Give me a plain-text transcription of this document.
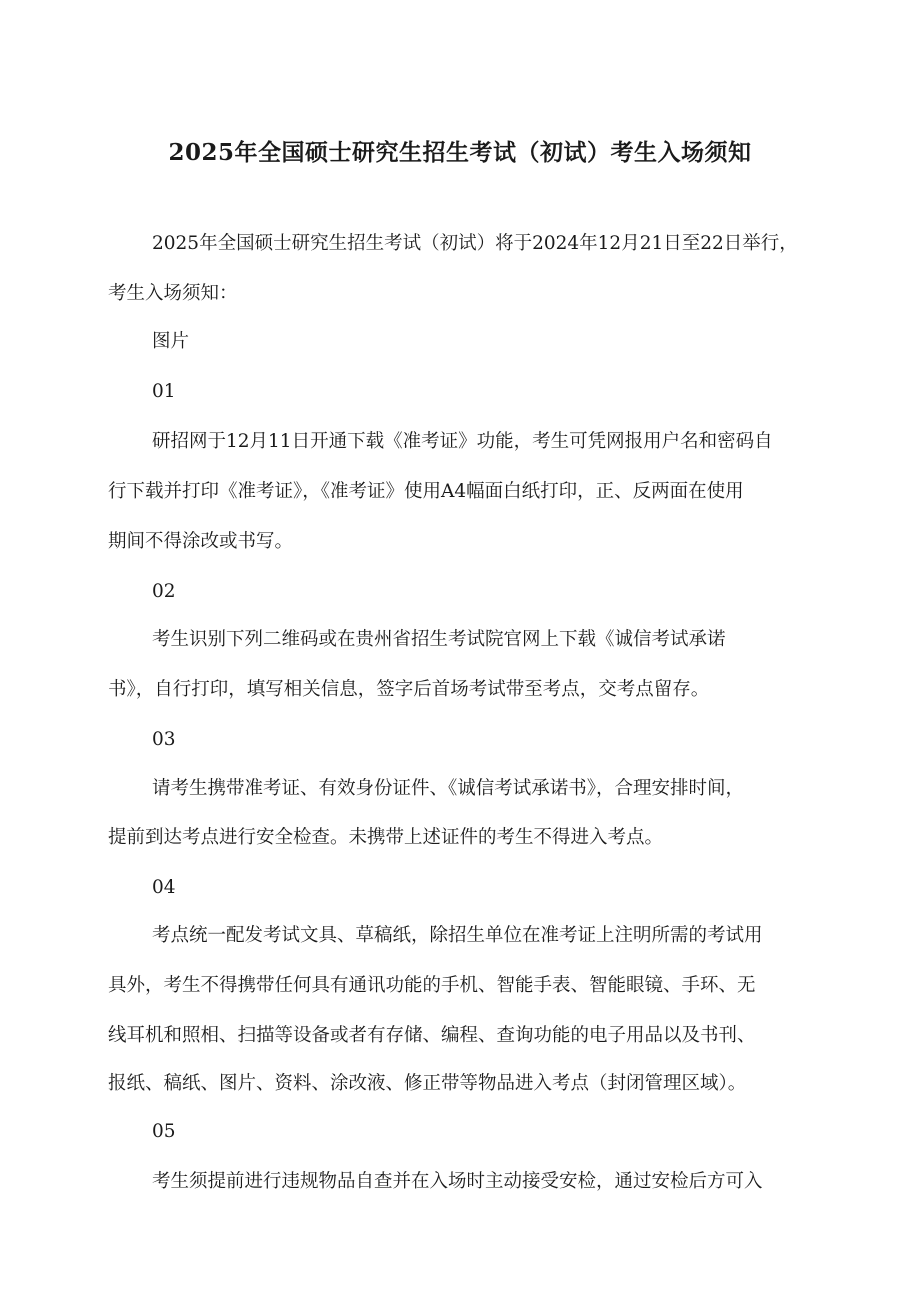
2025年全国硕士研究生招生考试（初试）考生入场须知
2025年全国硕士研究生招生考试（初试）将于2024年12月21日至22日举行，
考生入场须知：
图片
01
研招网于12月11日开通下载《准考证》功能，考生可凭网报用户名和密码自
行下载并打印《准考证》，《准考证》使用A4幅面白纸打印，正、反两面在使用
期间不得涂改或书写。
02
考生识别下列二维码或在贵州省招生考试院官网上下载《诚信考试承诺
书》，自行打印，填写相关信息，签字后首场考试带至考点，交考点留存。
03
请考生携带准考证、有效身份证件、《诚信考试承诺书》，合理安排时间，
提前到达考点进行安全检查。未携带上述证件的考生不得进入考点。
04
考点统一配发考试文具、草稿纸，除招生单位在准考证上注明所需的考试用
具外，考生不得携带任何具有通讯功能的手机、智能手表、智能眼镜、手环、无
线耳机和照相、扫描等设备或者有存储、编程、查询功能的电子用品以及书刊、
报纸、稿纸、图片、资料、涂改液、修正带等物品进入考点（封闭管理区域）。
05
考生须提前进行违规物品自查并在入场时主动接受安检，通过安检后方可入
